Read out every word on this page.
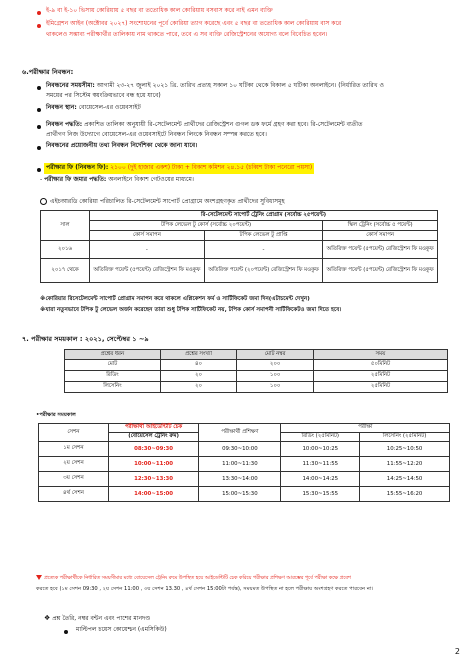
ই-৯ বা ই-১০ ভিসায় কোরিয়ায় ৫ বছর বা ততোধিক কাল কোরিয়ায় বসবাস করে নাই এমন ব্যক্তি
ইমিগ্রেশন আইন (অক্টোবর ২০২৭) সংশোধনের পূর্বে কোরিয়া ত্যাগ করেছে এবং ৫ বছর বা ততোধিক কাল কোরিয়ায় বাস করে
থাকলেও সম্ভাব্য পরীক্ষার্থীর তালিকায় নাম থাকতে পারে, তবে এ সব ব্যক্তি রেজিস্ট্রেশনের অযোগ্য বলে বিবেচিত হবেন।
৬.পরীক্ষার নিবন্ধন:
নিবন্ধনের সময়সীমা: আগামী ২৩-২৭ জুলাই ২০২১ খ্রি. তারিখ প্রত্যহ সকাল ১০ ঘটিকা থেকে বিকাল ৫ ঘটিকা অনলাইনে। (নির্ধারিত তারিখ ও
সময়ের পর সিস্টেম স্বয়ংক্রিয়ভাবে বন্ধ হয়ে যাবে)
নিবন্ধন স্থান: বোয়েসেল-এর ওয়েবসাইট
নিবন্ধন পদ্ধতি: প্রকাশিত তালিকা অনুযায়ী রি-সেটেলমেন্ট প্রার্থীদের রেজিস্ট্রেশন গুগল ডক ফর্মে গ্রহণ করা হবে। রি-সেটেলমেন্ট ব্যতীত
প্রার্থীগণ নিজ উদ্যোগে বোয়েসেল-এর ওয়েবসাইটে নিবন্ধন লিংকে নিবন্ধন সম্পন্ন করতে হবে।
নিবন্ধনের প্রয়োজনীয় তথ্য নিবন্ধন নির্দেশিকা থেকে জানা যাবে।
পরীক্ষার ফি (নিবন্ধন ফি): ২১০০ (দুই হাজার একশ) টাকা + বিকাশ কমিশন ২৪.১৫ (চব্বিশ টাকা পনেরো পয়সা)
- পরীক্ষার ফি জমার পদ্ধতি: অনলাইনে বিকাশ গেটওয়ের মাধ্যমে।
এইচআরডি কোরিয়া পরিচালিত রি-সেটেলমেন্ট সাপোর্ট প্রোগ্রামে অংশগ্রহণকৃত প্রার্থীদের সুবিধাসমূহ
সাল	রি-সেটেলমেন্ট সাপোর্ট ট্রেনিং প্রোগ্রাম (সর্বোচ্চ ২৫পয়েন্ট)		
	টপিক লেভেল টু কোর্স (সর্বোচ্চ ২০পয়েন্ট)		স্কিল ট্রেনিং (সর্বোচ্চ ৫ পয়েন্ট)
	কোর্স সমাপন	টপিক লেভেল টু প্রাপ্তি	কোর্স সমাপন
২০১৬	-	-	অতিরিক্ত পয়েন্ট (৫পয়েন্ট) রেজিস্ট্রেশন ফি মওকুফ
২০১৭ থেকে	অতিরিক্ত পয়েন্ট (৫পয়েন্ট) রেজিস্ট্রেশন ফি মওকুফ	অতিরিক্ত পয়েন্ট (২০পয়েন্ট) রেজিস্ট্রেশন ফি মওকুফ	অতিরিক্ত পয়েন্ট (৫পয়েন্ট) রেজিস্ট্রেশন ফি মওকুফ
※কোরিয়ার রিসেটেলমেন্ট সাপোর্ট প্রোগ্রাম সমাপন করে থাকলে এপ্লিকেশন ফর্ম ও সার্টিফিকেট জমা দিন(এটাচমেন্ট দেখুন)
※যারা নতুনভাবে টপিক টু লেভেল অর্জন করেছেন তারা শুধু টপিক সার্টিফিকেট নয়, টপিক কোর্স সমাপনী সার্টিফিকেটও জমা দিতে হবে।
৭. পরীক্ষার সময়কাল : ২০২১, সেপ্টেম্বর ১ ~৯
প্রশ্নের ধরন	প্রশ্নের সংখ্যা	মোট নম্বর	সময়
মোট	৪০	২০০	৫০মিনিট
রিডিং	২০	১০০	২৫মিনিট
লিসেনিং	২০	১০০	২৫মিনিট
•পরীক্ষার সময়কাল
সেশন	পরীক্ষার্থী আইডেন্টিটি চেক	পরীক্ষার্থী প্রশিক্ষণ	পরীক্ষা	
	(বোয়েসেল ট্রেনিং রুম)		রিডিং (২৫মিনিট)	লিসেনিং (২৫মিনিট)
১ম সেশন	08:30~09:30	09:30~10:00	10:00~10:25	10:25~10:50
২য় সেশন	10:00~11:00	11:00~11:30	11:30~11:55	11:55~12:20
৩য় সেশন	12:30~13:30	13:30~14:00	14:00~14:25	14:25~14:50
৪র্থ সেশন	14:00~15:00	15:00~15:30	15:30~15:55	15:55~16:20
প্রত্যেক পরীক্ষার্থীকে নির্ধারিত সময়সীমার মধ্যে বোয়েসেল ট্রেনিং রুমে উপস্থিত হয়ে আইডেন্টিটি চেক করিয়ে পরীক্ষার প্রশিক্ষণ আরম্ভের পূর্বে পরীক্ষা কক্ষে প্রবেশ
করতে হবে (১ম সেশন 09:30 , ২য় সেশন 11:00 , ৩য় সেশন 13.30 , ৪র্থ সেশন 15:00টা পর্যন্ত), সময়মত উপস্থিত না হলে পরীক্ষায় অংশগ্রহণ করতে পারবেন না।
❖ প্রশ্ন তৈরি, নম্বর বন্টন এবং পাশের মানদণ্ড
মাল্টিপল চয়েস কোয়েশ্চন (এমসিকিউ)
2
